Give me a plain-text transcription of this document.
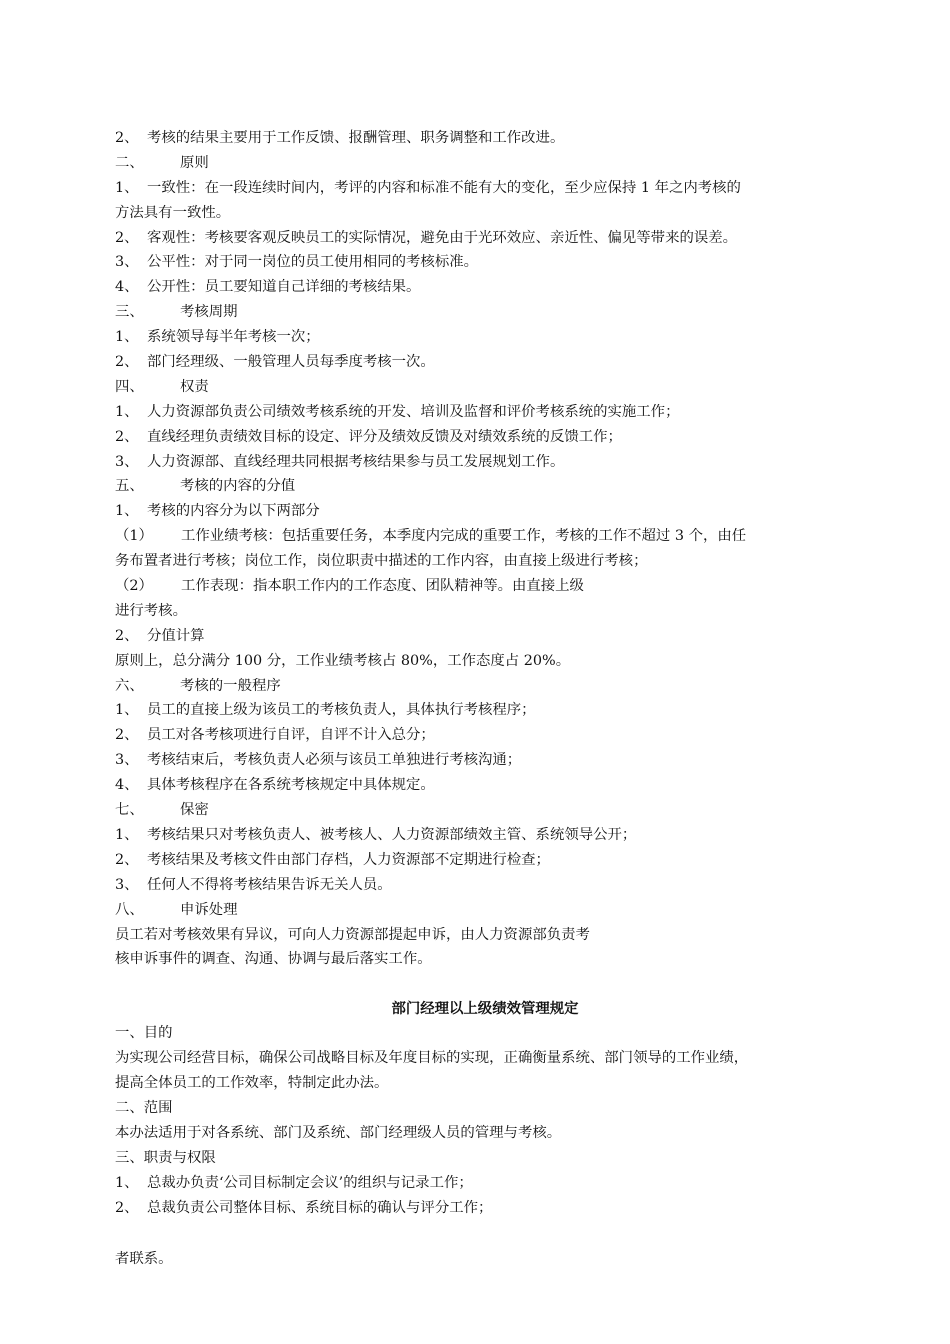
2、 考核的结果主要用于工作反馈、报酬管理、职务调整和工作改进。
二、	原则
1、 一致性：在一段连续时间内，考评的内容和标准不能有大的变化，至少应保持 1 年之内考核的
方法具有一致性。
2、 客观性：考核要客观反映员工的实际情况，避免由于光环效应、亲近性、偏见等带来的误差。
3、 公平性：对于同一岗位的员工使用相同的考核标准。
4、 公开性：员工要知道自己详细的考核结果。
三、	考核周期
1、 系统领导每半年考核一次；
2、 部门经理级、一般管理人员每季度考核一次。
四、	权责
1、 人力资源部负责公司绩效考核系统的开发、培训及监督和评价考核系统的实施工作；
2、 直线经理负责绩效目标的设定、评分及绩效反馈及对绩效系统的反馈工作；
3、 人力资源部、直线经理共同根据考核结果参与员工发展规划工作。
五、	考核的内容的分值
1、 考核的内容分为以下两部分
（1） 工作业绩考核：包括重要任务，本季度内完成的重要工作，考核的工作不超过 3 个，由任
务布置者进行考核；岗位工作，岗位职责中描述的工作内容，由直接上级进行考核；
（2） 工作表现：指本职工作内的工作态度、团队精神等。由直接上级
进行考核。
2、 分值计算
原则上，总分满分 100 分，工作业绩考核占 80%，工作态度占 20%。
六、	考核的一般程序
1、 员工的直接上级为该员工的考核负责人，具体执行考核程序；
2、 员工对各考核项进行自评，自评不计入总分；
3、 考核结束后，考核负责人必须与该员工单独进行考核沟通；
4、 具体考核程序在各系统考核规定中具体规定。
七、	保密
1、 考核结果只对考核负责人、被考核人、人力资源部绩效主管、系统领导公开；
2、 考核结果及考核文件由部门存档，人力资源部不定期进行检查；
3、 任何人不得将考核结果告诉无关人员。
八、	申诉处理
员工若对考核效果有异议，可向人力资源部提起申诉，由人力资源部负责考
核申诉事件的调查、沟通、协调与最后落实工作。
部门经理以上级绩效管理规定
一、目的
为实现公司经营目标，确保公司战略目标及年度目标的实现，正确衡量系统、部门领导的工作业绩，
提高全体员工的工作效率，特制定此办法。
二、范围
本办法适用于对各系统、部门及系统、部门经理级人员的管理与考核。
三、职责与权限
1、 总裁办负责‘公司目标制定会议’的组织与记录工作；
2、 总裁负责公司整体目标、系统目标的确认与评分工作；
者联系。
